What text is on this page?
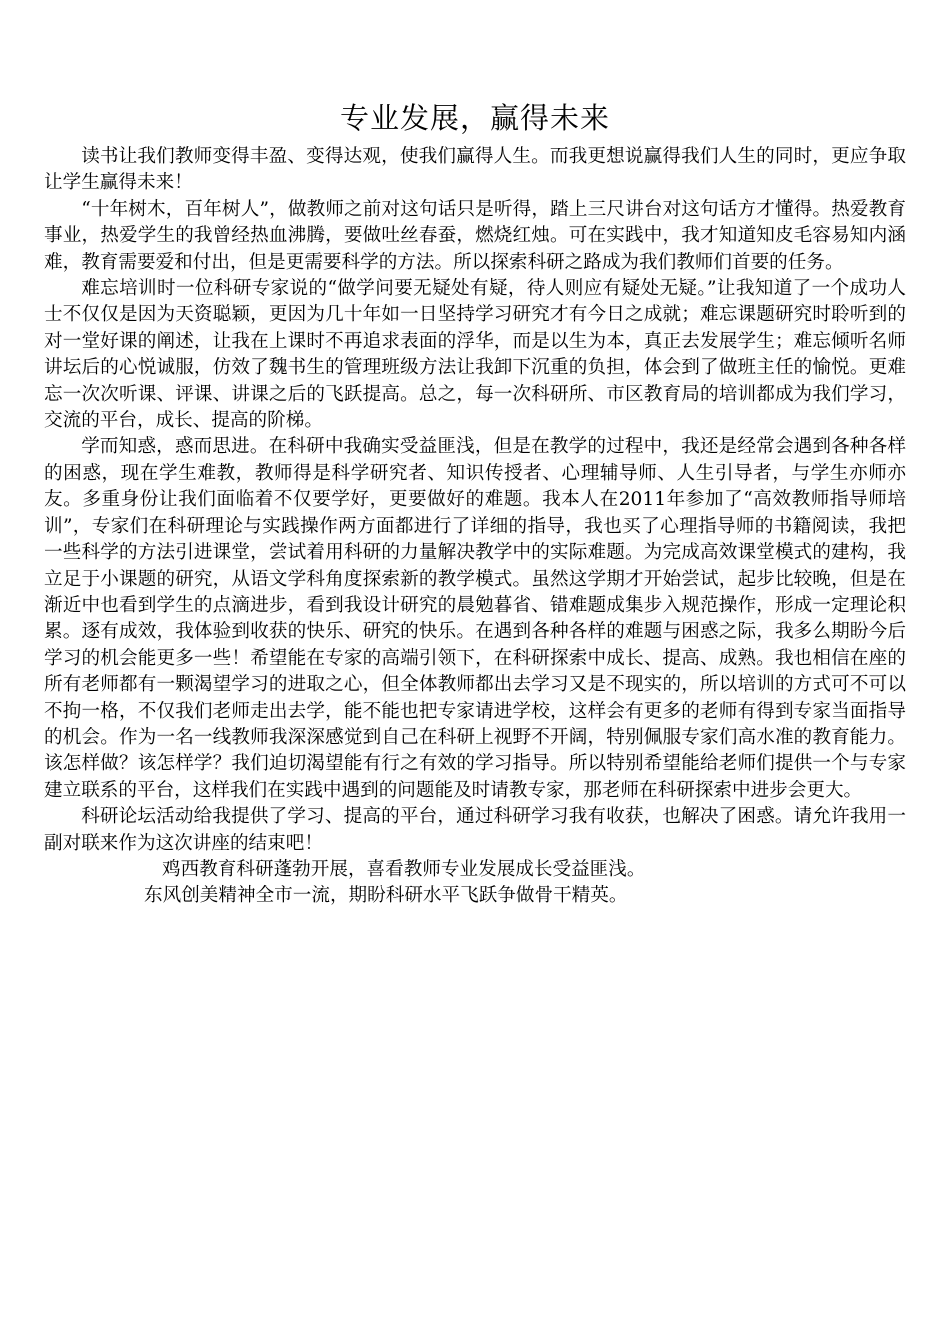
专业发展，赢得未来

读书让我们教师变得丰盈、变得达观，使我们赢得人生。而我更想说赢得我们人生的同时，更应争取让学生赢得未来！

“十年树木，百年树人”，做教师之前对这句话只是听得，踏上三尺讲台对这句话方才懂得。热爱教育事业，热爱学生的我曾经热血沸腾，要做吐丝春蚕，燃烧红烛。可在实践中，我才知道知皮毛容易知内涵难，教育需要爱和付出，但是更需要科学的方法。所以探索科研之路成为我们教师们首要的任务。

难忘培训时一位科研专家说的“做学问要无疑处有疑，待人则应有疑处无疑。”让我知道了一个成功人士不仅仅是因为天资聪颖，更因为几十年如一日坚持学习研究才有今日之成就；难忘课题研究时聆听到的对一堂好课的阐述，让我在上课时不再追求表面的浮华，而是以生为本，真正去发展学生；难忘倾听名师讲坛后的心悦诚服，仿效了魏书生的管理班级方法让我卸下沉重的负担，体会到了做班主任的愉悦。更难忘一次次听课、评课、讲课之后的飞跃提高。总之，每一次科研所、市区教育局的培训都成为我们学习，交流的平台，成长、提高的阶梯。

学而知惑，惑而思进。在科研中我确实受益匪浅，但是在教学的过程中，我还是经常会遇到各种各样的困惑，现在学生难教，教师得是科学研究者、知识传授者、心理辅导师、人生引导者，与学生亦师亦友。多重身份让我们面临着不仅要学好，更要做好的难题。我本人在2011年参加了“高效教师指导师培训”，专家们在科研理论与实践操作两方面都进行了详细的指导，我也买了心理指导师的书籍阅读，我把一些科学的方法引进课堂，尝试着用科研的力量解决教学中的实际难题。为完成高效课堂模式的建构，我立足于小课题的研究，从语文学科角度探索新的教学模式。虽然这学期才开始尝试，起步比较晚，但是在渐近中也看到学生的点滴进步，看到我设计研究的晨勉暮省、错难题成集步入规范操作，形成一定理论积累。逐有成效，我体验到收获的快乐、研究的快乐。在遇到各种各样的难题与困惑之际，我多么期盼今后学习的机会能更多一些！希望能在专家的高端引领下，在科研探索中成长、提高、成熟。我也相信在座的所有老师都有一颗渴望学习的进取之心，但全体教师都出去学习又是不现实的，所以培训的方式可不可以不拘一格，不仅我们老师走出去学，能不能也把专家请进学校，这样会有更多的老师有得到专家当面指导的机会。作为一名一线教师我深深感觉到自己在科研上视野不开阔，特别佩服专家们高水准的教育能力。该怎样做？该怎样学？我们迫切渴望能有行之有效的学习指导。所以特别希望能给老师们提供一个与专家建立联系的平台，这样我们在实践中遇到的问题能及时请教专家，那老师在科研探索中进步会更大。

科研论坛活动给我提供了学习、提高的平台，通过科研学习我有收获，也解决了困惑。请允许我用一副对联来作为这次讲座的结束吧！

鸡西教育科研蓬勃开展，喜看教师专业发展成长受益匪浅。

东风创美精神全市一流，期盼科研水平飞跃争做骨干精英。
